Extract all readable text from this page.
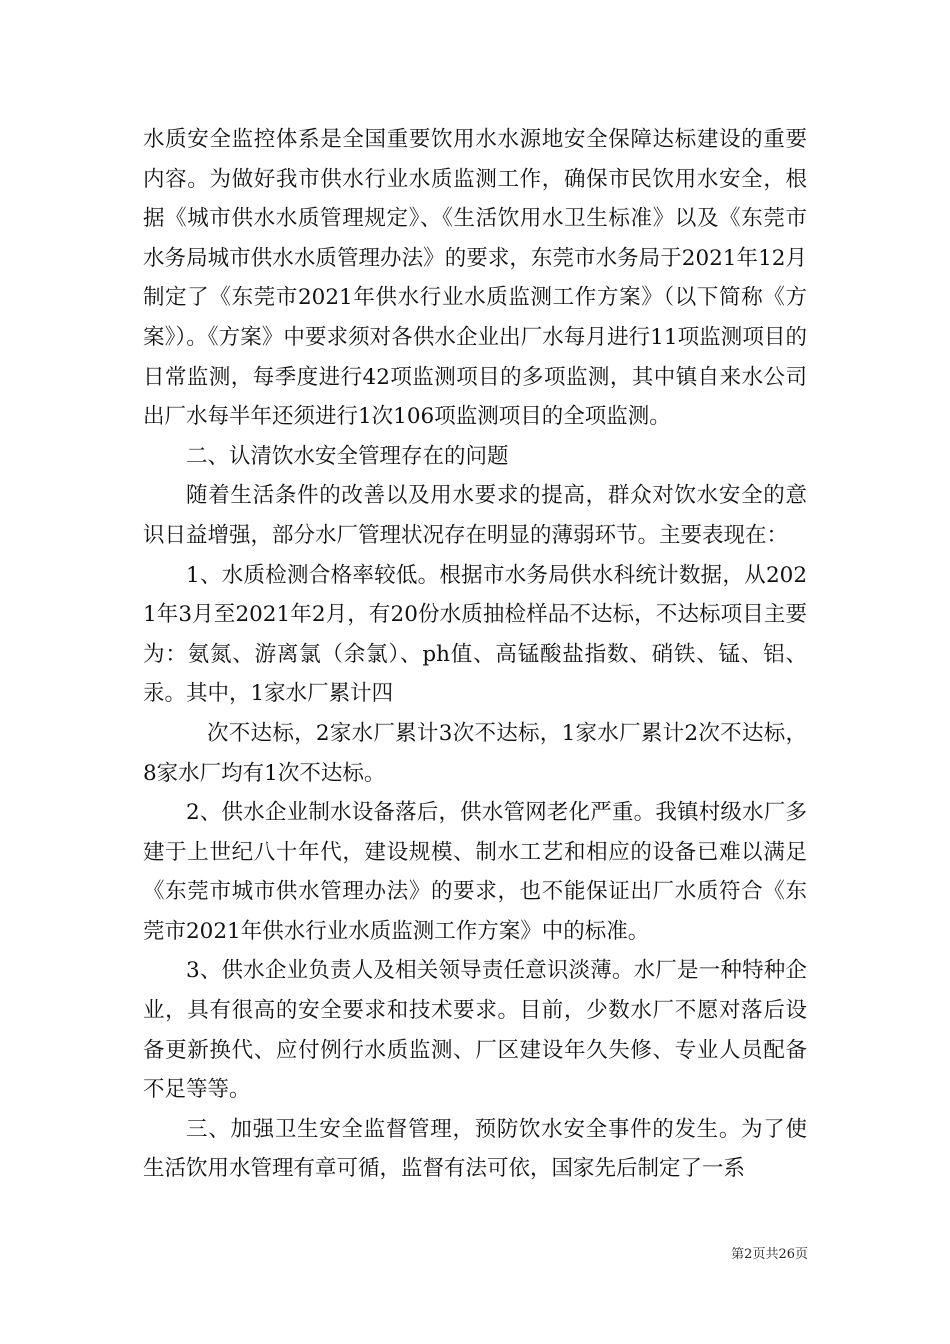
水质安全监控体系是全国重要饮用水水源地安全保障达标建设的重要内容。为做好我市供水行业水质监测工作，确保市民饮用水安全，根据《城市供水水质管理规定》、《生活饮用水卫生标准》以及《东莞市水务局城市供水水质管理办法》的要求，东莞市水务局于2021年12月制定了《东莞市2021年供水行业水质监测工作方案》（以下简称《方案》）。《方案》中要求须对各供水企业出厂水每月进行11项监测项目的日常监测，每季度进行42项监测项目的多项监测，其中镇自来水公司出厂水每半年还须进行1次106项监测项目的全项监测。

二、认清饮水安全管理存在的问题

随着生活条件的改善以及用水要求的提高，群众对饮水安全的意识日益增强，部分水厂管理状况存在明显的薄弱环节。主要表现在：

1、水质检测合格率较低。根据市水务局供水科统计数据，从2021年3月至2021年2月，有20份水质抽检样品不达标，不达标项目主要为：氨氮、游离氯（余氯）、ph值、高锰酸盐指数、硝铁、锰、铝、汞。其中，1家水厂累计四

次不达标，2家水厂累计3次不达标，1家水厂累计2次不达标，8家水厂均有1次不达标。

2、供水企业制水设备落后，供水管网老化严重。我镇村级水厂多建于上世纪八十年代，建设规模、制水工艺和相应的设备已难以满足《东莞市城市供水管理办法》的要求，也不能保证出厂水质符合《东莞市2021年供水行业水质监测工作方案》中的标准。

3、供水企业负责人及相关领导责任意识淡薄。水厂是一种特种企业，具有很高的安全要求和技术要求。目前，少数水厂不愿对落后设备更新换代、应付例行水质监测、厂区建设年久失修、专业人员配备不足等等。

三、加强卫生安全监督管理，预防饮水安全事件的发生。为了使生活饮用水管理有章可循，监督有法可依，国家先后制定了一系

第2页共26页
